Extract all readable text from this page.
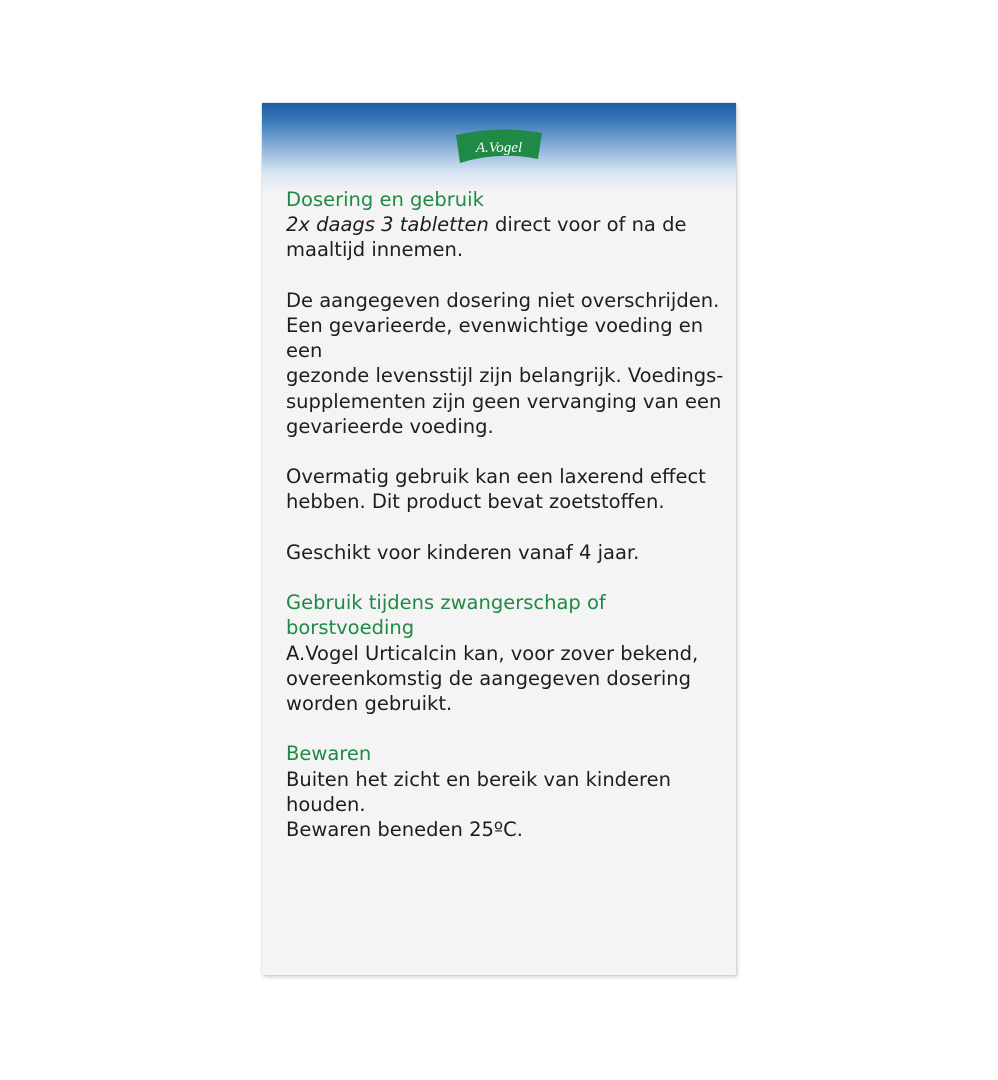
A.Vogel

Dosering en gebruik

2x daags 3 tabletten direct voor of na de

maaltijd innemen.

De aangegeven dosering niet overschrijden.

Een gevarieerde, evenwichtige voeding en een

gezonde levensstijl zijn belangrijk. Voedings-

supplementen zijn geen vervanging van een

gevarieerde voeding.

Overmatig gebruik kan een laxerend effect

hebben. Dit product bevat zoetstoffen.

Geschikt voor kinderen vanaf 4 jaar.

Gebruik tijdens zwangerschap of borstvoeding

A.Vogel Urticalcin kan, voor zover bekend,

overeenkomstig de aangegeven dosering

worden gebruikt.

Bewaren

Buiten het zicht en bereik van kinderen houden.

Bewaren beneden 25ºC.
